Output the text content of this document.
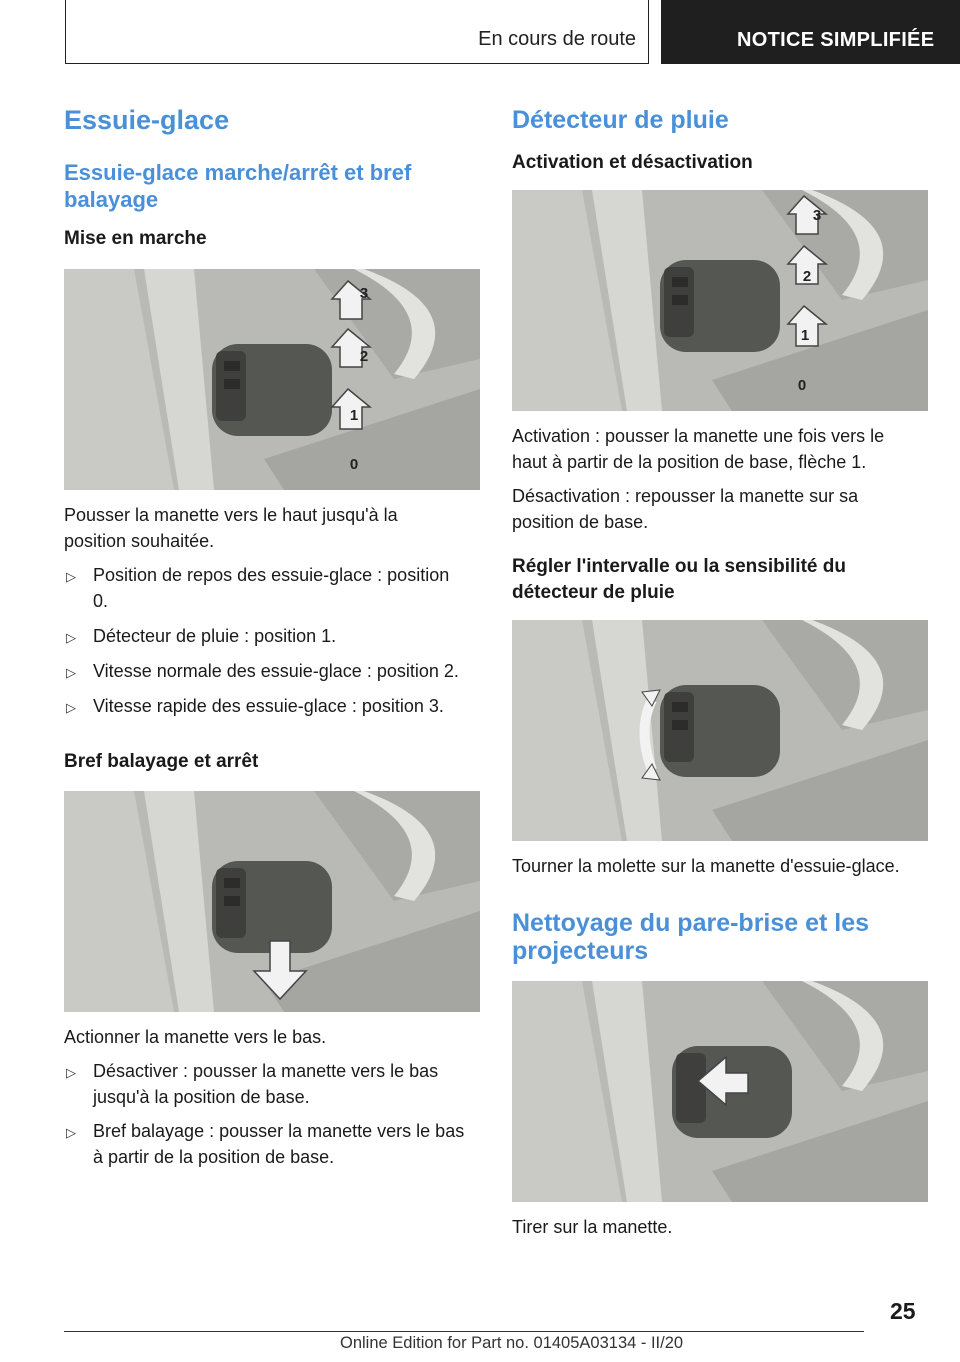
En cours de route	NOTICE SIMPLIFIÉE
Essuie-glace
Essuie-glace marche/arrêt et bref balayage
Mise en marche
3
2
1
0

Pousser la manette vers le haut jusqu'à la position souhaitée.

▷ Position de repos des essuie-glace : position 0.
▷ Détecteur de pluie : position 1.
▷ Vitesse normale des essuie-glace : position 2.
▷ Vitesse rapide des essuie-glace : position 3.
Bref balayage et arrêt

Actionner la manette vers le bas.

▷ Désactiver : pousser la manette vers le bas jusqu'à la position de base.
▷ Bref balayage : pousser la manette vers le bas à partir de la position de base.
Détecteur de pluie
Activation et désactivation
3
2
1
0

Activation : pousser la manette une fois vers le haut à partir de la position de base, flèche 1.

Désactivation : repousser la manette sur sa position de base.

Régler l'intervalle ou la sensibilité du détecteur de pluie

Tourner la molette sur la manette d'essuie-glace.

Nettoyage du pare-brise et les projecteurs

Tirer sur la manette.

25
Online Edition for Part no. 01405A03134 - II/20
